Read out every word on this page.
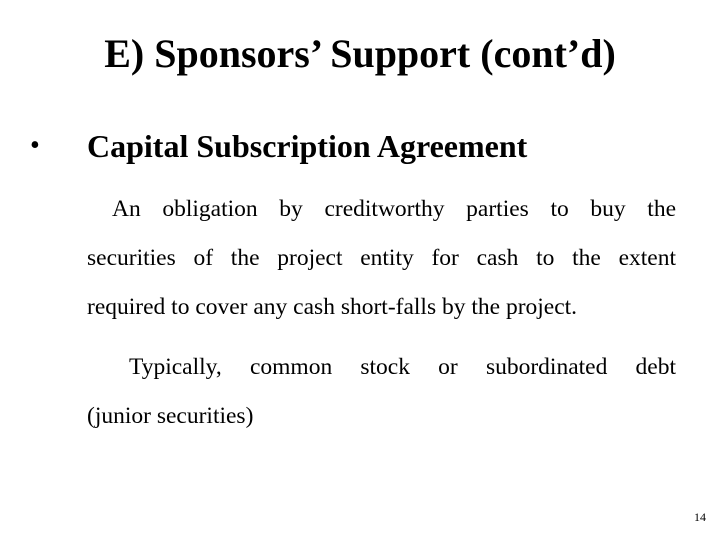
E) Sponsors’ Support (cont’d)
• Capital Subscription Agreement
An obligation by creditworthy parties to buy the
securities of the project entity for cash to the extent
required to cover any cash short-falls by the project.
Typically, common stock or subordinated debt
(junior securities)
14
